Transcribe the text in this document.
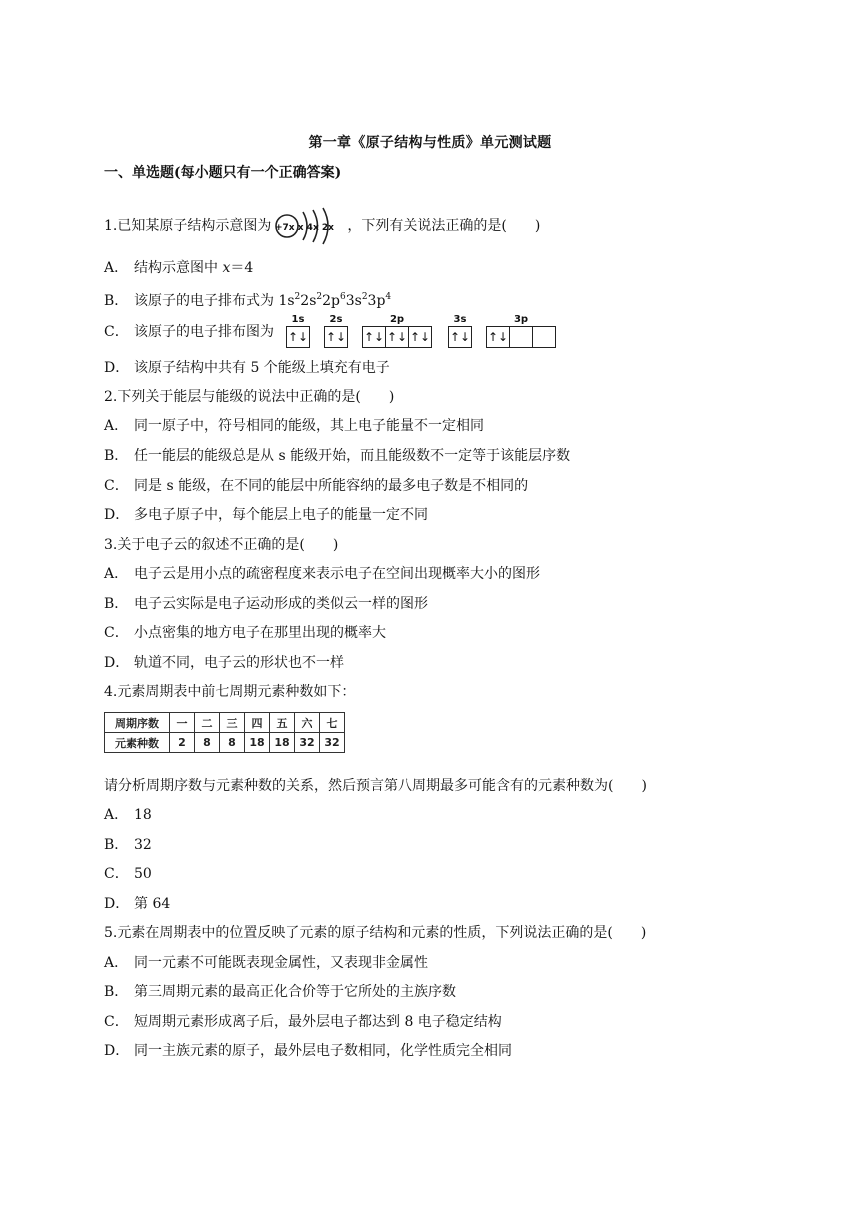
第一章《原子结构与性质》单元测试题
一、单选题(每小题只有一个正确答案)
1.已知某原子结构示意图为 +7x x 4x 2x ，下列有关说法正确的是(　　)
A． 结构示意图中 x＝4
B． 该原子的电子排布式为 $1s^22s^22p^63s^23p^4$
C． 该原子的电子排布图为
1s
↑↓
2s
↑↓
2p
↑↓ ↑↓ ↑↓
3s
↑↓
3p
↑↓
D． 该原子结构中共有 5 个能级上填充有电子
2.下列关于能层与能级的说法中正确的是(　　)
A． 同一原子中，符号相同的能级，其上电子能量不一定相同
B． 任一能层的能级总是从 s 能级开始，而且能级数不一定等于该能层序数
C． 同是 s 能级，在不同的能层中所能容纳的最多电子数是不相同的
D． 多电子原子中，每个能层上电子的能量一定不同
3.关于电子云的叙述不正确的是(　　)
A． 电子云是用小点的疏密程度来表示电子在空间出现概率大小的图形
B． 电子云实际是电子运动形成的类似云一样的图形
C． 小点密集的地方电子在那里出现的概率大
D． 轨道不同，电子云的形状也不一样
4.元素周期表中前七周期元素种数如下：
周期序数	一	二	三	四	五	六	七
元素种数	2	8	8	18	18	32	32
请分析周期序数与元素种数的关系，然后预言第八周期最多可能含有的元素种数为(　　)
A． 18
B． 32
C． 50
D． 第 64
5.元素在周期表中的位置反映了元素的原子结构和元素的性质，下列说法正确的是(　　)
A． 同一元素不可能既表现金属性，又表现非金属性
B． 第三周期元素的最高正化合价等于它所处的主族序数
C． 短周期元素形成离子后，最外层电子都达到 8 电子稳定结构
D． 同一主族元素的原子，最外层电子数相同，化学性质完全相同
